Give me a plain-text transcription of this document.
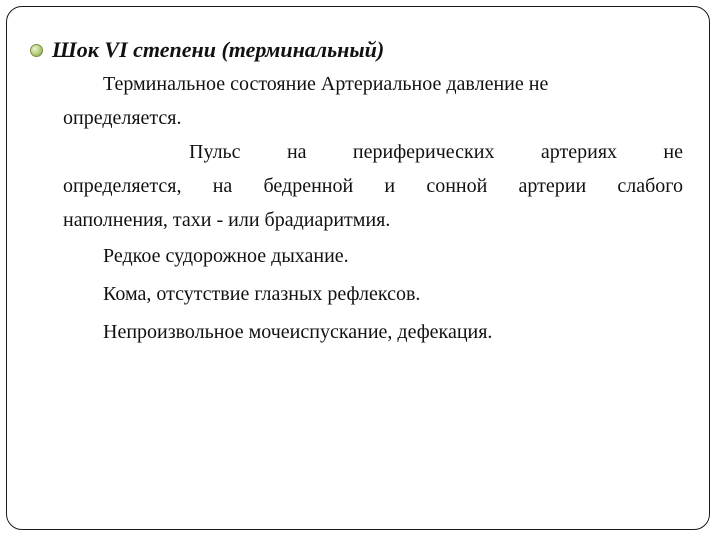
Шок VI степени (терминальный)
Терминальное состояние Артериальное давление не
определяется.
Пульс на периферических артериях не
определяется, на бедренной и сонной артерии слабого
наполнения, тахи - или брадиаритмия.
Редкое судорожное дыхание.
Кома, отсутствие глазных рефлексов.
Непроизвольное мочеиспускание, дефекация.
